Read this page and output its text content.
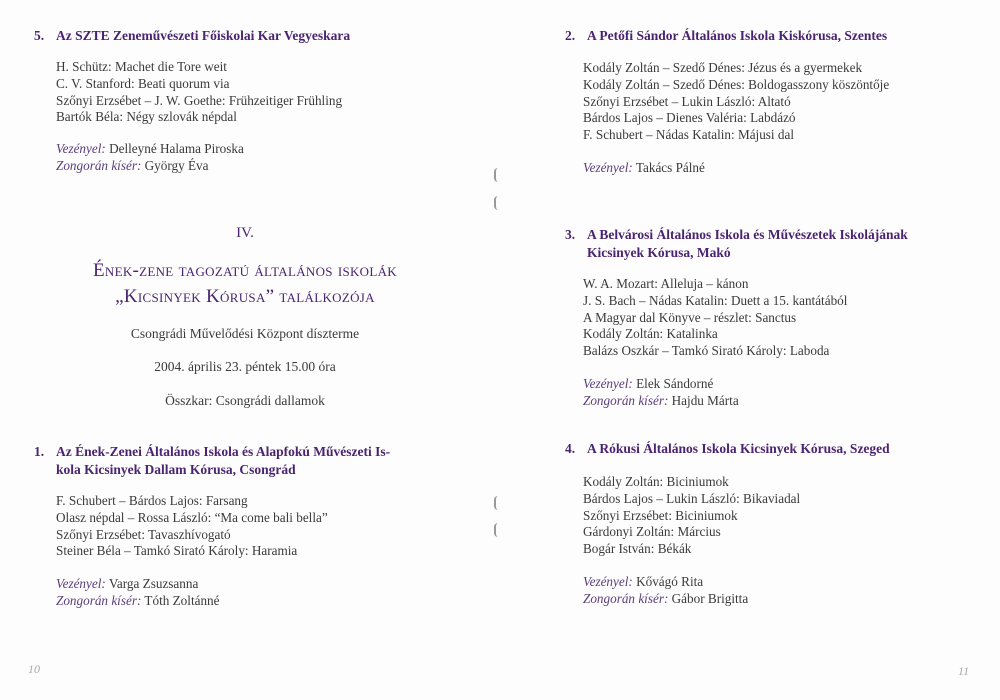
5. Az SZTE Zeneművészeti Főiskolai Kar Vegyeskara
H. Schütz: Machet die Tore weit
C. V. Stanford: Beati quorum via
Szőnyi Erzsébet – J. W. Goethe: Frühzeitiger Frühling
Bartók Béla: Négy szlovák népdal
Vezényel: Delleyné Halama Piroska
Zongorán kísér: György Éva
IV.
Ének-zene tagozatú általános iskolák
„Kicsinyek Kórusa” találkozója
Csongrádi Művelődési Központ díszterme
2004. április 23. péntek 15.00 óra
Összkar: Csongrádi dallamok
1. Az Ének-Zenei Általános Iskola és Alapfokú Művészeti Is-
kola Kicsinyek Dallam Kórusa, Csongrád
F. Schubert – Bárdos Lajos: Farsang
Olasz népdal – Rossa László: “Ma come bali bella”
Szőnyi Erzsébet: Tavaszhívogató
Steiner Béla – Tamkó Sirató Károly: Haramia
Vezényel: Varga Zsuzsanna
Zongorán kísér: Tóth Zoltánné
10
2. A Petőfi Sándor Általános Iskola Kiskórusa, Szentes
Kodály Zoltán – Szedő Dénes: Jézus és a gyermekek
Kodály Zoltán – Szedő Dénes: Boldogasszony köszöntője
Szőnyi Erzsébet – Lukin László: Altató
Bárdos Lajos – Dienes Valéria: Labdázó
F. Schubert – Nádas Katalin: Májusi dal
Vezényel: Takács Pálné
3. A Belvárosi Általános Iskola és Művészetek Iskolájának
Kicsinyek Kórusa, Makó
W. A. Mozart: Alleluja – kánon
J. S. Bach – Nádas Katalin: Duett a 15. kantátából
A Magyar dal Könyve – részlet: Sanctus
Kodály Zoltán: Katalinka
Balázs Oszkár – Tamkó Sirató Károly: Laboda
Vezényel: Elek Sándorné
Zongorán kísér: Hajdu Márta
4. A Rókusi Általános Iskola Kicsinyek Kórusa, Szeged
Kodály Zoltán: Biciniumok
Bárdos Lajos – Lukin László: Bikaviadal
Szőnyi Erzsébet: Biciniumok
Gárdonyi Zoltán: Március
Bogár István: Békák
Vezényel: Kővágó Rita
Zongorán kísér: Gábor Brigitta
11
